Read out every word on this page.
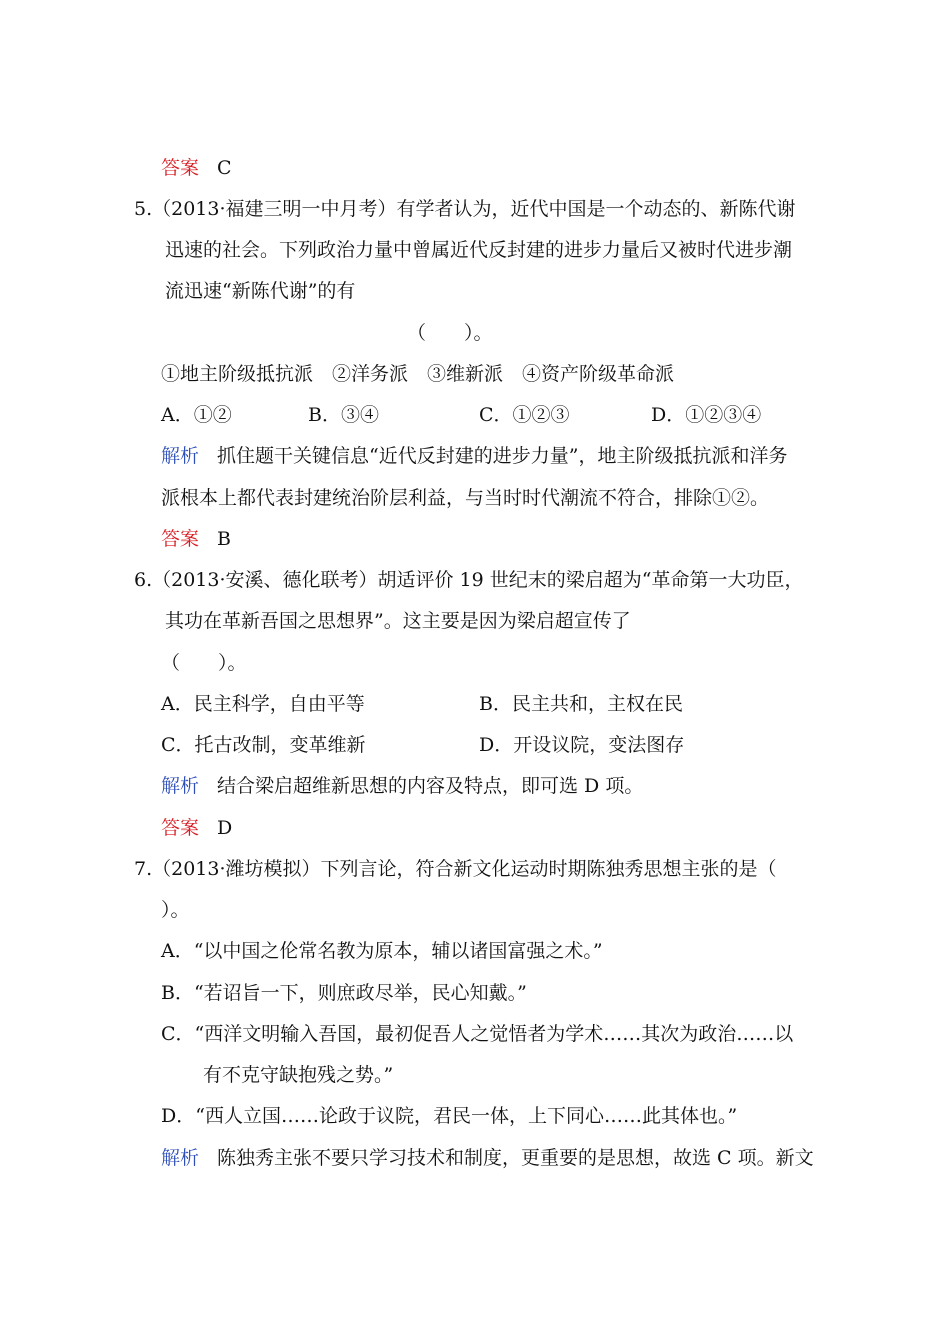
答案 C
5.（2013·福建三明一中月考）有学者认为，近代中国是一个动态的、新陈代谢
迅速的社会。下列政治力量中曾属近代反封建的进步力量后又被时代进步潮
流迅速“新陈代谢”的有
（　　）。
①地主阶级抵抗派　②洋务派　③维新派　④资产阶级革命派
A．①②	B．③④	C．①②③	D．①②③④
解析 抓住题干关键信息“近代反封建的进步力量”，地主阶级抵抗派和洋务
派根本上都代表封建统治阶层利益，与当时时代潮流不符合，排除①②。
答案 B
6.（2013·安溪、德化联考）胡适评价 19 世纪末的梁启超为“革命第一大功臣，
其功在革新吾国之思想界”。这主要是因为梁启超宣传了
（　　）。
A．民主科学，自由平等	B．民主共和，主权在民
C．托古改制，变革维新	D．开设议院，变法图存
解析 结合梁启超维新思想的内容及特点，即可选 D 项。
答案 D
7.（2013·潍坊模拟）下列言论，符合新文化运动时期陈独秀思想主张的是（
）。
A．“以中国之伦常名教为原本，辅以诸国富强之术。”
B．“若诏旨一下，则庶政尽举，民心知戴。”
C．“西洋文明输入吾国，最初促吾人之觉悟者为学术……其次为政治……以
有不克守缺抱残之势。”
D．“西人立国……论政于议院，君民一体，上下同心……此其体也。”
解析 陈独秀主张不要只学习技术和制度，更重要的是思想，故选 C 项。新文
